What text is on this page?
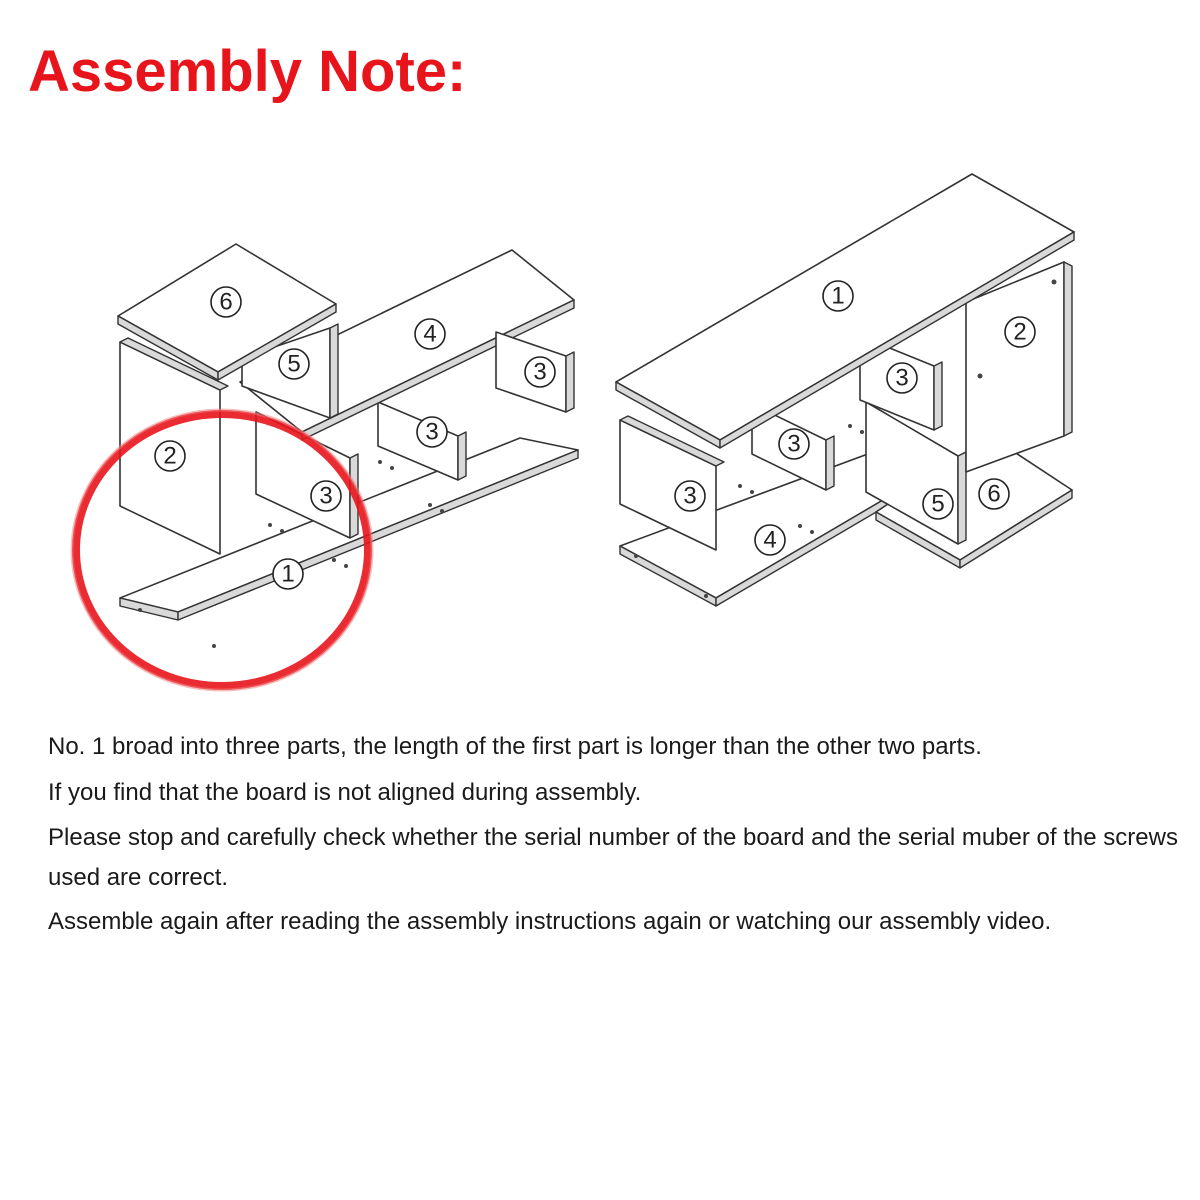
Assembly Note:
6
5
4
3
2
3
3
1
1
2
3
3
3
4
5 6

No. 1 broad into three parts, the length of the first part is longer than the other two parts.

If you find that the board is not aligned during assembly.

Please stop and carefully check whether the serial number of the board and the serial muber of the screws used are correct.

Assemble again after reading the assembly instructions again or watching our assembly video.
